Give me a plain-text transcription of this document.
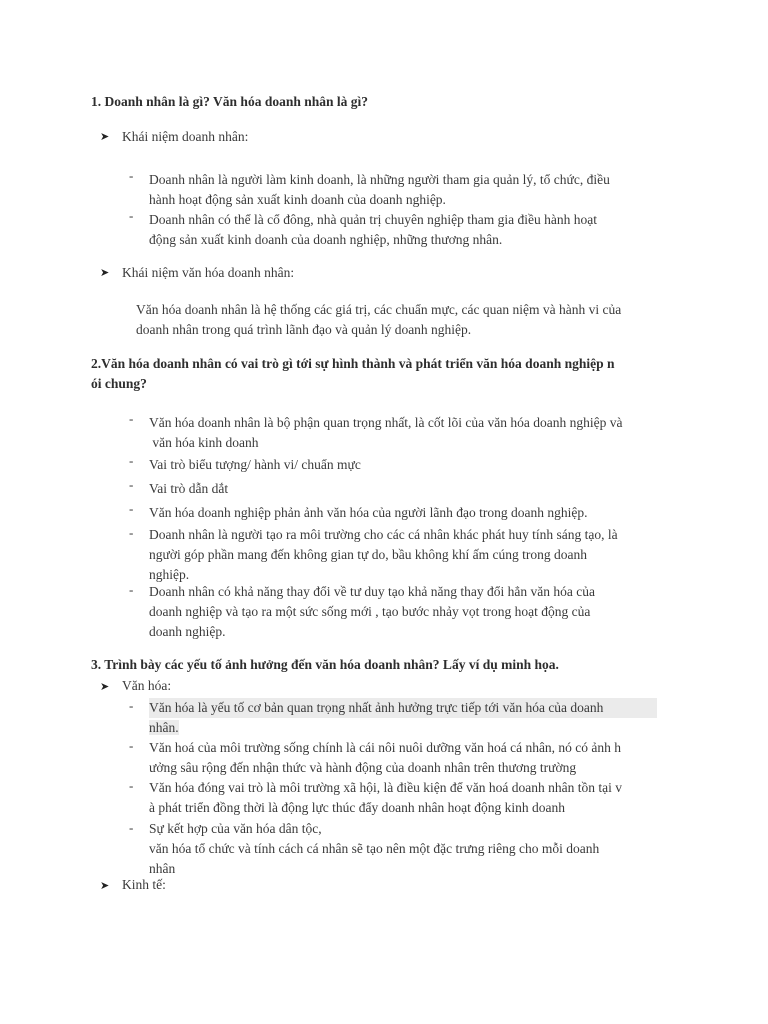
1. Doanh nhân là gì? Văn hóa doanh nhân là gì?
➤ Khái niệm doanh nhân:
- Doanh nhân là người làm kinh doanh, là những người tham gia quản lý, tổ chức, điều
hành hoạt động sản xuất kinh doanh của doanh nghiệp.
- Doanh nhân có thể là cổ đông, nhà quản trị chuyên nghiệp tham gia điều hành hoạt
động sản xuất kinh doanh của doanh nghiệp, những thương nhân.
➤ Khái niệm văn hóa doanh nhân:
Văn hóa doanh nhân là hệ thống các giá trị, các chuẩn mực, các quan niệm và hành vi của
doanh nhân trong quá trình lãnh đạo và quản lý doanh nghiệp.
2.Văn hóa doanh nhân có vai trò gì tới sự hình thành và phát triển văn hóa doanh nghiệp n
ói chung?
- Văn hóa doanh nhân là bộ phận quan trọng nhất, là cốt lõi của văn hóa doanh nghiệp và
văn hóa kinh doanh
- Vai trò biểu tượng/ hành vi/ chuẩn mực
- Vai trò dẫn dắt
- Văn hóa doanh nghiệp phản ảnh văn hóa của người lãnh đạo trong doanh nghiệp.
- Doanh nhân là người tạo ra môi trường cho các cá nhân khác phát huy tính sáng tạo, là
người góp phần mang đến không gian tự do, bầu không khí ấm cúng trong doanh
nghiệp.
- Doanh nhân có khả năng thay đổi về tư duy tạo khả năng thay đổi hẳn văn hóa của
doanh nghiệp và tạo ra một sức sống mới , tạo bước nhảy vọt trong hoạt động của
doanh nghiệp.
3. Trình bày các yếu tố ảnh hưởng đến văn hóa doanh nhân? Lấy ví dụ minh họa.
➤ Văn hóa:
- Văn hóa là yếu tố cơ bản quan trọng nhất ảnh hưởng trực tiếp tới văn hóa của doanh
nhân.
- Văn hoá của môi trường sống chính là cái nôi nuôi dưỡng văn hoá cá nhân, nó có ảnh h
ưởng sâu rộng đến nhận thức và hành động của doanh nhân trên thương trường
- Văn hóa đóng vai trò là môi trường xã hội, là điều kiện để văn hoá doanh nhân tồn tại v
à phát triển đồng thời là động lực thúc đẩy doanh nhân hoạt động kinh doanh
- Sự kết hợp của văn hóa dân tộc,
văn hóa tổ chức và tính cách cá nhân sẽ tạo nên một đặc trưng riêng cho mỗi doanh
nhân
➤ Kinh tế:
